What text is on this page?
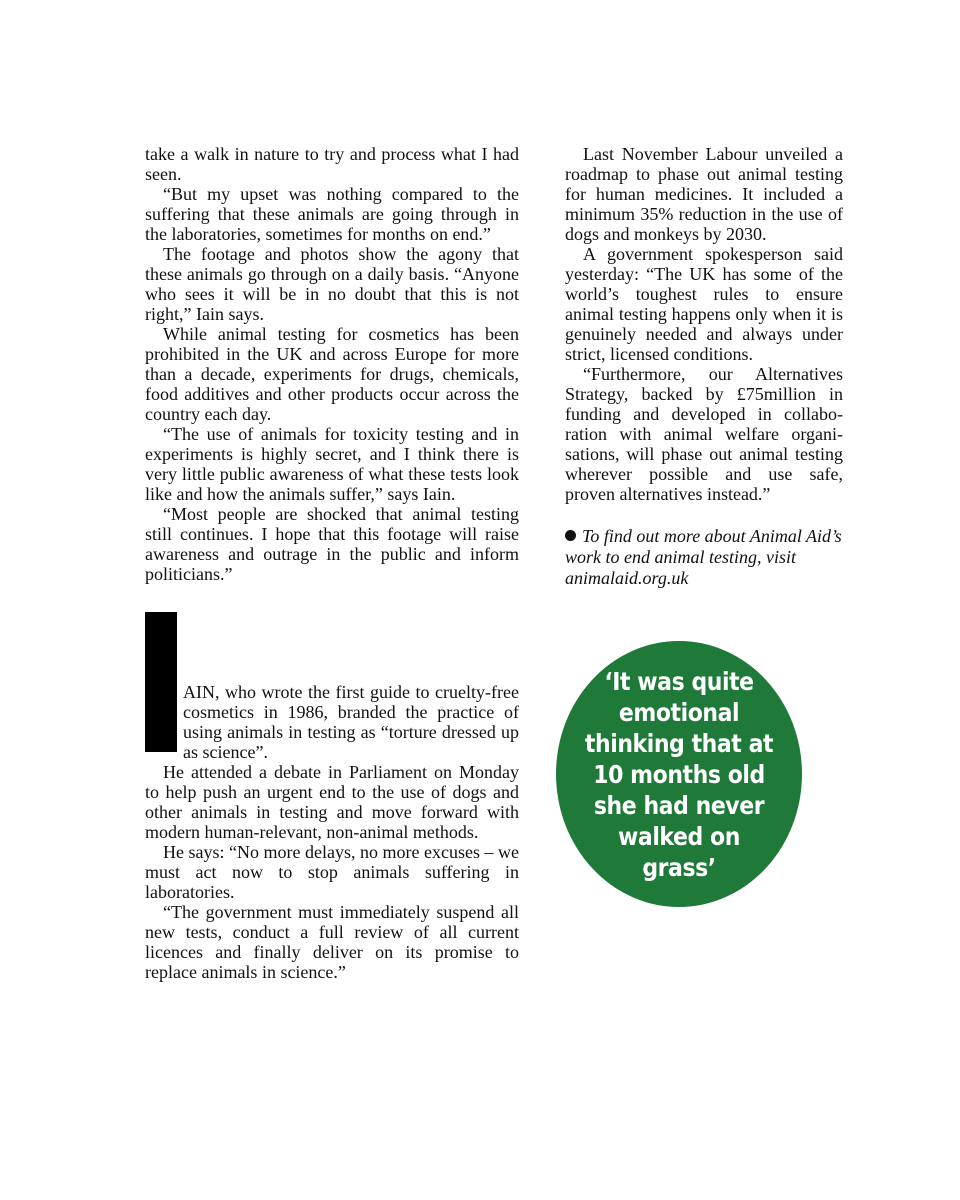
take a walk in nature to try and process what I had seen.

“But my upset was nothing compared to the suffering that these animals are going through in the laboratories, sometimes for months on end.”

The footage and photos show the agony that these animals go through on a daily basis. “Anyone who sees it will be in no doubt that this is not right,” Iain says.

While animal testing for cosmetics has been prohibited in the UK and across Europe for more than a decade, experiments for drugs, chemicals, food additives and other products occur across the country each day.

“The use of animals for toxicity testing and in experiments is highly secret, and I think there is very little public awareness of what these tests look like and how the animals suffer,” says Iain.

“Most people are shocked that animal testing still continues. I hope that this footage will raise awareness and outrage in the public and inform politicians.”

AIN, who wrote the first guide to cruelty-free cosmetics in 1986, branded the practice of using animals in testing as “torture dressed up as science”.

He attended a debate in Parliament on Monday to help push an urgent end to the use of dogs and other animals in testing and move forward with modern human-relevant, non-animal methods.

He says: “No more delays, no more excuses – we must act now to stop animals suffering in laboratories.

“The government must immediately suspend all new tests, conduct a full review of all current licences and finally deliver on its promise to replace animals in science.”

Last November Labour unveiled a roadmap to phase out animal testing for human medicines. It included a minimum 35% reduction in the use of dogs and monkeys by 2030.

A government spokesperson said yesterday: “The UK has some of the world’s toughest rules to ensure animal testing happens only when it is genuinely needed and always under strict, licensed conditions.

“Furthermore, our Alternatives Strategy, backed by £75million in funding and developed in collaboration with animal welfare organisations, will phase out animal testing wherever possible and use safe, proven alternatives instead.”

To find out more about Animal Aid’s work to end animal testing, visit animalaid.org.uk
‘It was quite emotional thinking that at 10 months old she had never walked on grass’
